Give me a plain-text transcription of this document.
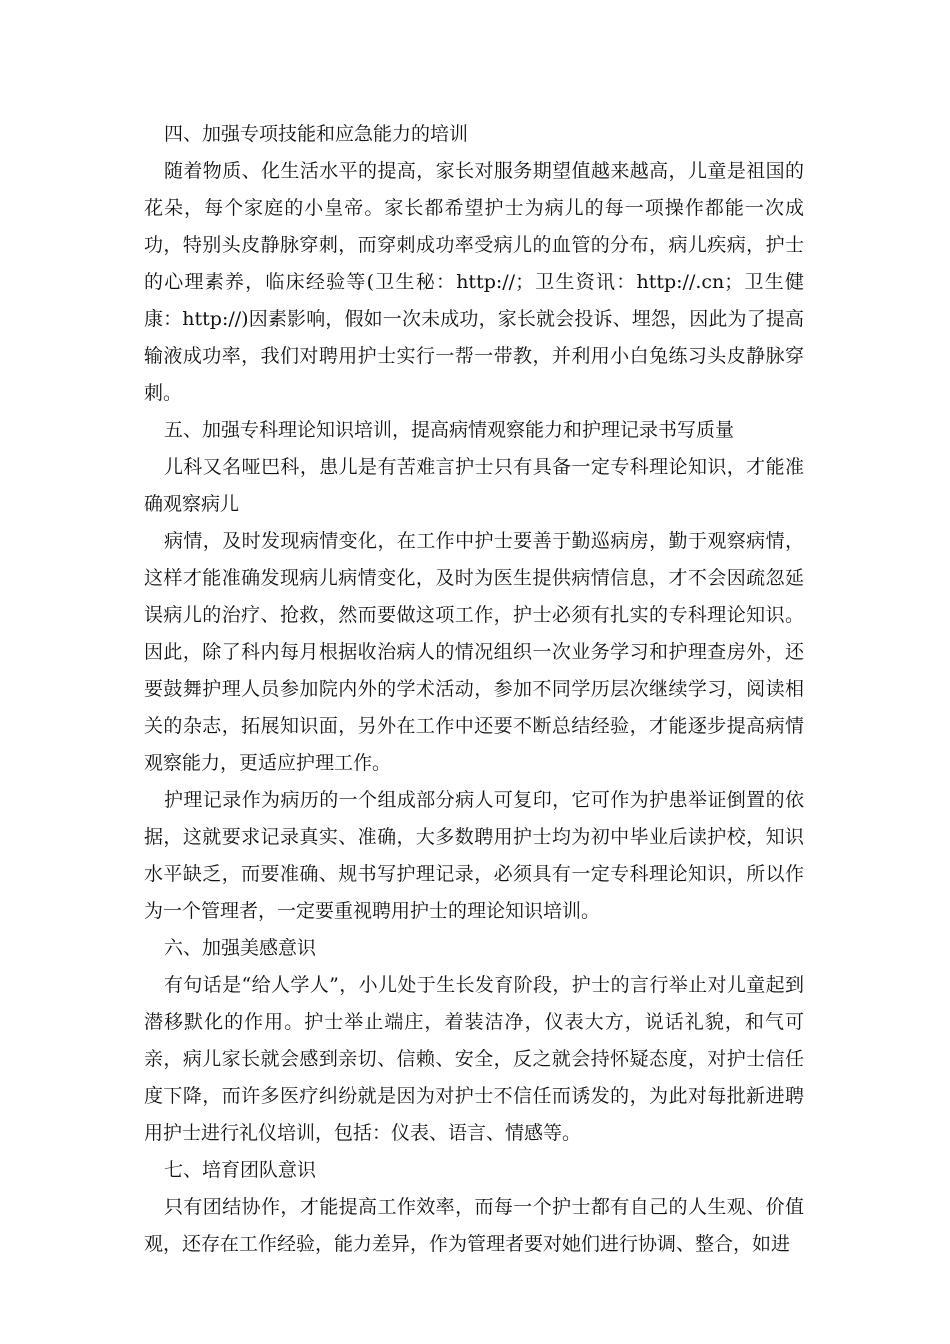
四、加强专项技能和应急能力的培训

随着物质、化生活水平的提高，家长对服务期望值越来越高，儿童是祖国的花朵，每个家庭的小皇帝。家长都希望护士为病儿的每一项操作都能一次成功，特别头皮静脉穿刺，而穿刺成功率受病儿的血管的分布，病儿疾病，护士的心理素养，临床经验等(卫生秘：http://；卫生资讯：http://.cn；卫生健康：http://)因素影响，假如一次未成功，家长就会投诉、埋怨，因此为了提高输液成功率，我们对聘用护士实行一帮一带教，并利用小白兔练习头皮静脉穿刺。

五、加强专科理论知识培训，提高病情观察能力和护理记录书写质量

儿科又名哑巴科，患儿是有苦难言护士只有具备一定专科理论知识，才能准确观察病儿

病情，及时发现病情变化，在工作中护士要善于勤巡病房，勤于观察病情，这样才能准确发现病儿病情变化，及时为医生提供病情信息，才不会因疏忽延误病儿的治疗、抢救，然而要做这项工作，护士必须有扎实的专科理论知识。因此，除了科内每月根据收治病人的情况组织一次业务学习和护理查房外，还要鼓舞护理人员参加院内外的学术活动，参加不同学历层次继续学习，阅读相关的杂志，拓展知识面，另外在工作中还要不断总结经验，才能逐步提高病情观察能力，更适应护理工作。

护理记录作为病历的一个组成部分病人可复印，它可作为护患举证倒置的依据，这就要求记录真实、准确，大多数聘用护士均为初中毕业后读护校，知识水平缺乏，而要准确、规书写护理记录，必须具有一定专科理论知识，所以作为一个管理者，一定要重视聘用护士的理论知识培训。

六、加强美感意识

有句话是“给人学人”，小儿处于生长发育阶段，护士的言行举止对儿童起到潜移默化的作用。护士举止端庄，着装洁净，仪表大方，说话礼貌，和气可亲，病儿家长就会感到亲切、信赖、安全，反之就会持怀疑态度，对护士信任度下降，而许多医疗纠纷就是因为对护士不信任而诱发的，为此对每批新进聘用护士进行礼仪培训，包括：仪表、语言、情感等。

七、培育团队意识

只有团结协作，才能提高工作效率，而每一个护士都有自己的人生观、价值观，还存在工作经验，能力差异，作为管理者要对她们进行协调、整合，如进
